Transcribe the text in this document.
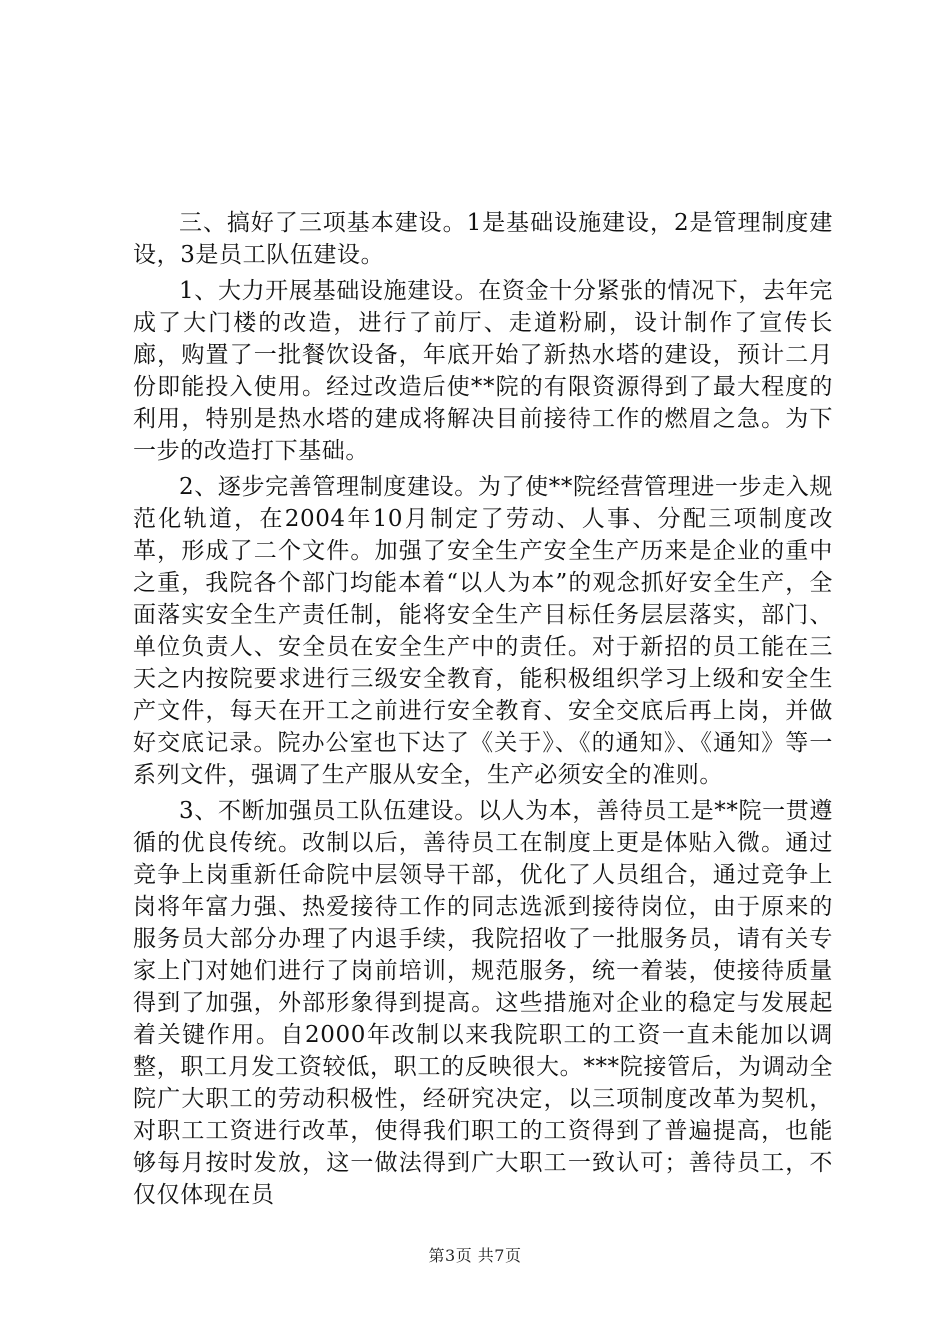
三、搞好了三项基本建设。1是基础设施建设，2是管理制度建设，3是员工队伍建设。

1、大力开展基础设施建设。在资金十分紧张的情况下，去年完成了大门楼的改造，进行了前厅、走道粉刷，设计制作了宣传长廊，购置了一批餐饮设备，年底开始了新热水塔的建设，预计二月份即能投入使用。经过改造后使**院的有限资源得到了最大程度的利用，特别是热水塔的建成将解决目前接待工作的燃眉之急。为下一步的改造打下基础。

2、逐步完善管理制度建设。为了使**院经营管理进一步走入规范化轨道，在2004年10月制定了劳动、人事、分配三项制度改革，形成了二个文件。加强了安全生产安全生产历来是企业的重中之重，我院各个部门均能本着“以人为本”的观念抓好安全生产，全面落实安全生产责任制，能将安全生产目标任务层层落实，部门、单位负责人、安全员在安全生产中的责任。对于新招的员工能在三天之内按院要求进行三级安全教育，能积极组织学习上级和安全生产文件，每天在开工之前进行安全教育、安全交底后再上岗，并做好交底记录。院办公室也下达了《关于》、《的通知》、《通知》等一系列文件，强调了生产服从安全，生产必须安全的准则。

3、不断加强员工队伍建设。以人为本，善待员工是**院一贯遵循的优良传统。改制以后，善待员工在制度上更是体贴入微。通过竞争上岗重新任命院中层领导干部，优化了人员组合，通过竞争上岗将年富力强、热爱接待工作的同志选派到接待岗位，由于原来的服务员大部分办理了内退手续，我院招收了一批服务员，请有关专家上门对她们进行了岗前培训，规范服务，统一着装，使接待质量得到了加强，外部形象得到提高。这些措施对企业的稳定与发展起着关键作用。自2000年改制以来我院职工的工资一直未能加以调整，职工月发工资较低，职工的反映很大。***院接管后，为调动全院广大职工的劳动积极性，经研究决定，以三项制度改革为契机，对职工工资进行改革，使得我们职工的工资得到了普遍提高，也能够每月按时发放，这一做法得到广大职工一致认可；善待员工，不仅仅体现在员

第3页 共7页
